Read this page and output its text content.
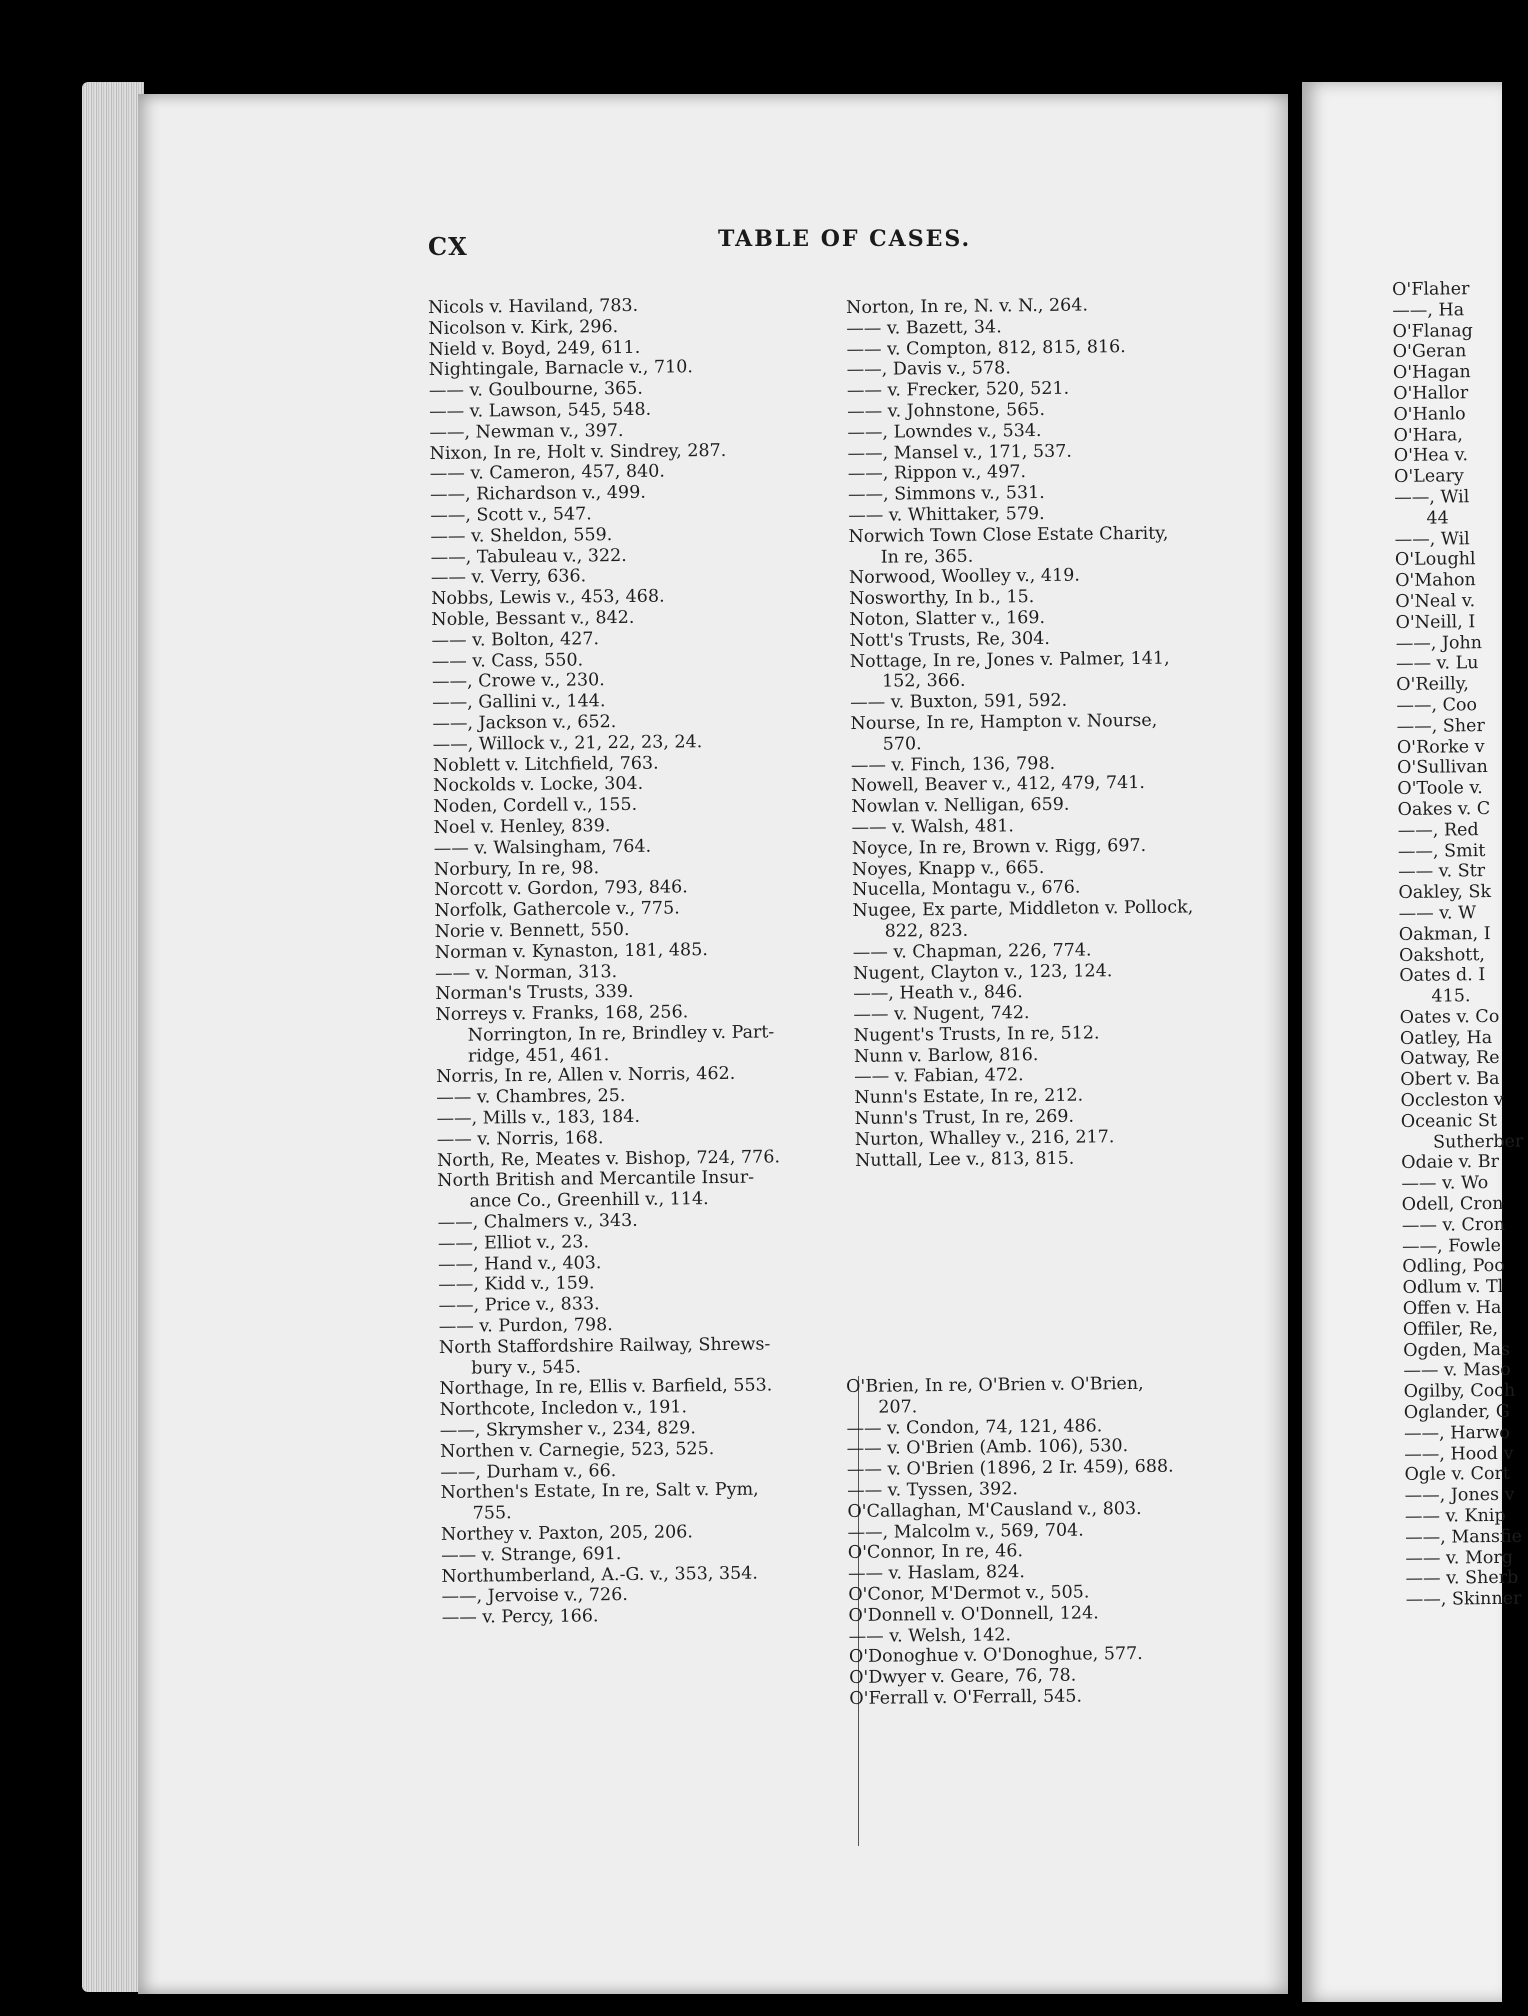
CX	TABLE OF CASES.
Nicols v. Haviland, 783.
Nicolson v. Kirk, 296.
Nield v. Boyd, 249, 611.
Nightingale, Barnacle v., 710.
—— v. Goulbourne, 365.
—— v. Lawson, 545, 548.
——, Newman v., 397.
Nixon, In re, Holt v. Sindrey, 287.
—— v. Cameron, 457, 840.
——, Richardson v., 499.
——, Scott v., 547.
—— v. Sheldon, 559.
——, Tabuleau v., 322.
—— v. Verry, 636.
Nobbs, Lewis v., 453, 468.
Noble, Bessant v., 842.
—— v. Bolton, 427.
—— v. Cass, 550.
——, Crowe v., 230.
——, Gallini v., 144.
——, Jackson v., 652.
——, Willock v., 21, 22, 23, 24.
Noblett v. Litchfield, 763.
Nockolds v. Locke, 304.
Noden, Cordell v., 155.
Noel v. Henley, 839.
—— v. Walsingham, 764.
Norbury, In re, 98.
Norcott v. Gordon, 793, 846.
Norfolk, Gathercole v., 775.
Norie v. Bennett, 550.
Norman v. Kynaston, 181, 485.
—— v. Norman, 313.
Norman's Trusts, 339.
Norreys v. Franks, 168, 256.
Norrington, In re, Brindley v. Part-
ridge, 451, 461.
Norris, In re, Allen v. Norris, 462.
—— v. Chambres, 25.
——, Mills v., 183, 184.
—— v. Norris, 168.
North, Re, Meates v. Bishop, 724, 776.
North British and Mercantile Insur-
ance Co., Greenhill v., 114.
——, Chalmers v., 343.
——, Elliot v., 23.
——, Hand v., 403.
——, Kidd v., 159.
——, Price v., 833.
—— v. Purdon, 798.
North Staffordshire Railway, Shrews-
bury v., 545.
Northage, In re, Ellis v. Barfield, 553.
Northcote, Incledon v., 191.
——, Skrymsher v., 234, 829.
Northen v. Carnegie, 523, 525.
——, Durham v., 66.
Northen's Estate, In re, Salt v. Pym,
755.
Northey v. Paxton, 205, 206.
—— v. Strange, 691.
Northumberland, A.-G. v., 353, 354.
——, Jervoise v., 726.
—— v. Percy, 166.
Norton, In re, N. v. N., 264.
—— v. Bazett, 34.
—— v. Compton, 812, 815, 816.
——, Davis v., 578.
—— v. Frecker, 520, 521.
—— v. Johnstone, 565.
——, Lowndes v., 534.
——, Mansel v., 171, 537.
——, Rippon v., 497.
——, Simmons v., 531.
—— v. Whittaker, 579.
Norwich Town Close Estate Charity,
In re, 365.
Norwood, Woolley v., 419.
Nosworthy, In b., 15.
Noton, Slatter v., 169.
Nott's Trusts, Re, 304.
Nottage, In re, Jones v. Palmer, 141,
152, 366.
—— v. Buxton, 591, 592.
Nourse, In re, Hampton v. Nourse,
570.
—— v. Finch, 136, 798.
Nowell, Beaver v., 412, 479, 741.
Nowlan v. Nelligan, 659.
—— v. Walsh, 481.
Noyce, In re, Brown v. Rigg, 697.
Noyes, Knapp v., 665.
Nucella, Montagu v., 676.
Nugee, Ex parte, Middleton v. Pollock,
822, 823.
—— v. Chapman, 226, 774.
Nugent, Clayton v., 123, 124.
——, Heath v., 846.
—— v. Nugent, 742.
Nugent's Trusts, In re, 512.
Nunn v. Barlow, 816.
—— v. Fabian, 472.
Nunn's Estate, In re, 212.
Nunn's Trust, In re, 269.
Nurton, Whalley v., 216, 217.
Nuttall, Lee v., 813, 815.
O'Brien, In re, O'Brien v. O'Brien,
207.
—— v. Condon, 74, 121, 486.
—— v. O'Brien (Amb. 106), 530.
—— v. O'Brien (1896, 2 Ir. 459), 688.
—— v. Tyssen, 392.
O'Callaghan, M'Causland v., 803.
——, Malcolm v., 569, 704.
O'Connor, In re, 46.
—— v. Haslam, 824.
O'Conor, M'Dermot v., 505.
O'Donnell v. O'Donnell, 124.
—— v. Welsh, 142.
O'Donoghue v. O'Donoghue, 577.
O'Dwyer v. Geare, 76, 78.
O'Ferrall v. O'Ferrall, 545.
O'Flaher
——, Ha
O'Flanag
O'Geran
O'Hagan
O'Hallor
O'Hanlo
O'Hara,
O'Hea v.
O'Leary
——, Wil
44
——, Wil
O'Loughl
O'Mahon
O'Neal v.
O'Neill, I
——, John
—— v. Lu
O'Reilly,
——, Coo
——, Sher
O'Rorke v
O'Sullivan
O'Toole v.
Oakes v. C
——, Red
——, Smit
—— v. Str
Oakley, Sk
—— v. W
Oakman, I
Oakshott,
Oates d. I
415.
Oates v. Co
Oatley, Ha
Oatway, Re
Obert v. Ba
Occleston v
Oceanic St
Sutherber
Odaie v. Br
—— v. Wo
Odell, Cron
—— v. Cron
——, Fowle
Odling, Poo
Odlum v. Tl
Offen v. Ha
Offiler, Re,
Ogden, Mas
—— v. Maso
Ogilby, Coch
Oglander, G
——, Harwo
——, Hood v
Ogle v. Cort
——, Jones v
—— v. Knip
——, Mansfie
—— v. Morg
—— v. Sherb
——, Skinner
